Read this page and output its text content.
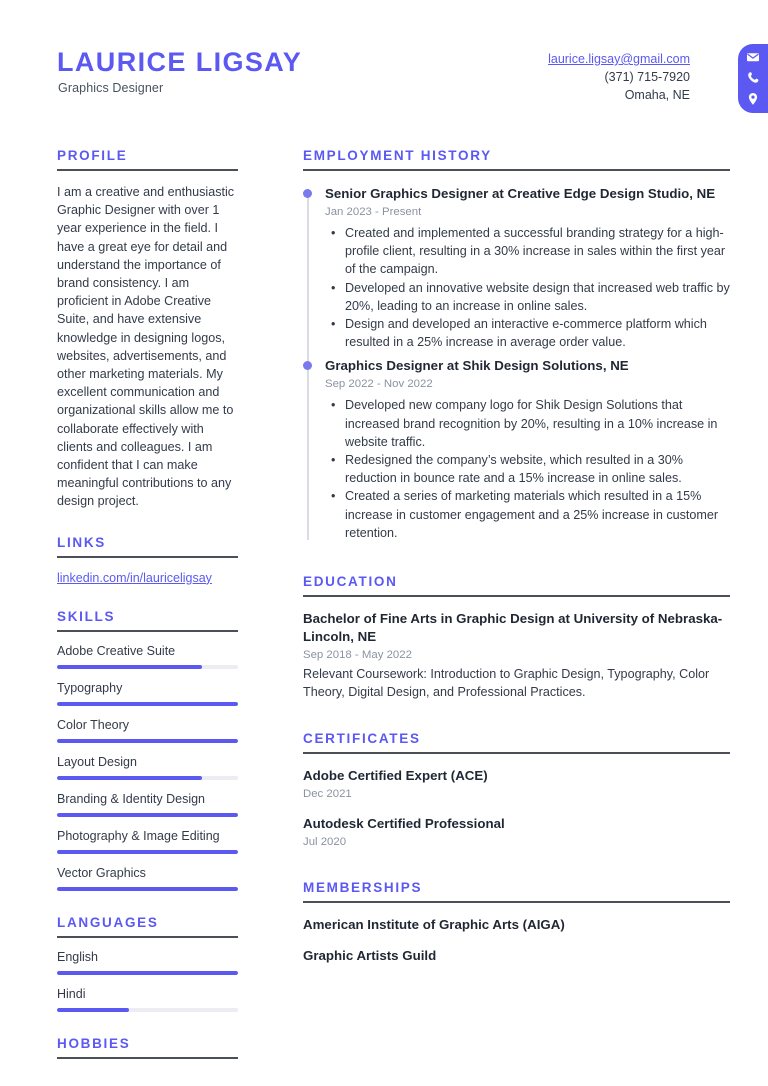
LAURICE LIGSAY
Graphics Designer
laurice.ligsay@gmail.com
(371) 715-7920
Omaha, NE
PROFILE
I am a creative and enthusiastic Graphic Designer with over 1 year experience in the field. I have a great eye for detail and understand the importance of brand consistency. I am proficient in Adobe Creative Suite, and have extensive knowledge in designing logos, websites, advertisements, and other marketing materials. My excellent communication and organizational skills allow me to collaborate effectively with clients and colleagues. I am confident that I can make meaningful contributions to any design project.
LINKS
linkedin.com/in/lauriceligsay
SKILLS
Adobe Creative Suite
Typography
Color Theory
Layout Design
Branding & Identity Design
Photography & Image Editing
Vector Graphics
LANGUAGES
English
Hindi
HOBBIES
EMPLOYMENT HISTORY
Senior Graphics Designer at Creative Edge Design Studio, NE
Jan 2023 - Present
• Created and implemented a successful branding strategy for a high-profile client, resulting in a 30% increase in sales within the first year of the campaign.
• Developed an innovative website design that increased web traffic by 20%, leading to an increase in online sales.
• Design and developed an interactive e-commerce platform which resulted in a 25% increase in average order value.
Graphics Designer at Shik Design Solutions, NE
Sep 2022 - Nov 2022
• Developed new company logo for Shik Design Solutions that increased brand recognition by 20%, resulting in a 10% increase in website traffic.
• Redesigned the company’s website, which resulted in a 30% reduction in bounce rate and a 15% increase in online sales.
• Created a series of marketing materials which resulted in a 15% increase in customer engagement and a 25% increase in customer retention.
EDUCATION
Bachelor of Fine Arts in Graphic Design at University of Nebraska-Lincoln, NE
Sep 2018 - May 2022
Relevant Coursework: Introduction to Graphic Design, Typography, Color Theory, Digital Design, and Professional Practices.
CERTIFICATES
Adobe Certified Expert (ACE)
Dec 2021
Autodesk Certified Professional
Jul 2020
MEMBERSHIPS
American Institute of Graphic Arts (AIGA)
Graphic Artists Guild
